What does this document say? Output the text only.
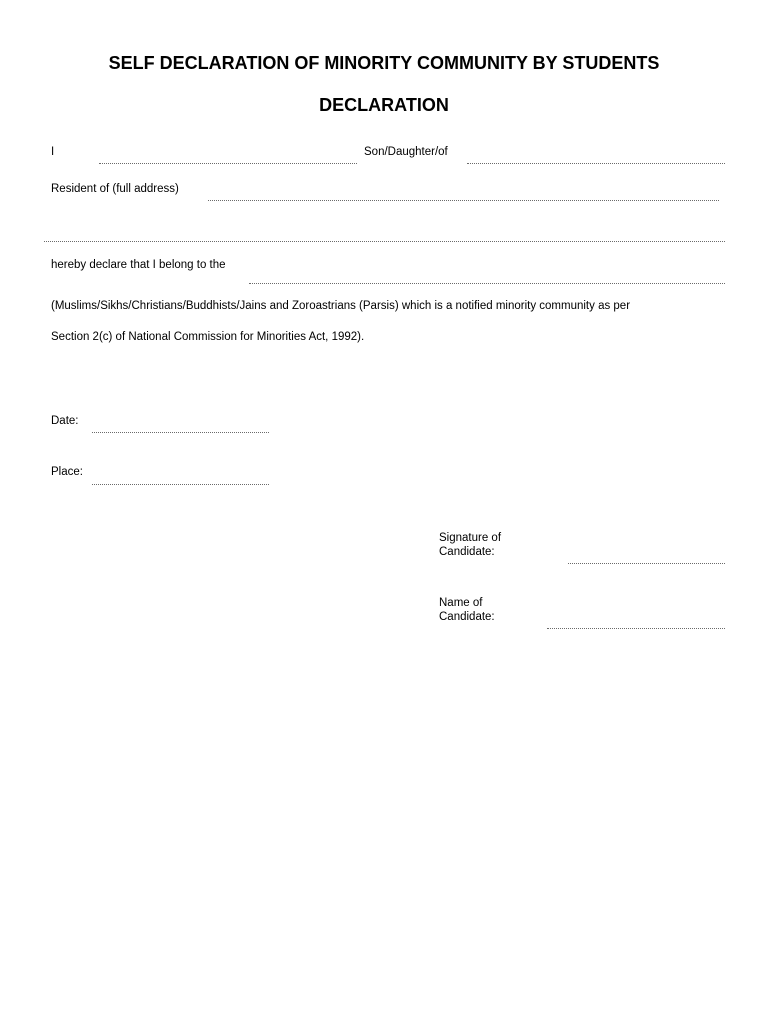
SELF DECLARATION OF MINORITY COMMUNITY BY STUDENTS
DECLARATION
I	Son/Daughter/of
Resident of (full address)
hereby declare that I belong to the
(Muslims/Sikhs/Christians/Buddhists/Jains and Zoroastrians (Parsis) which is a notified minority community as per
Section 2(c) of National Commission for Minorities Act, 1992).
Date:
Place:
Signature of
Candidate:
Name of
Candidate:
